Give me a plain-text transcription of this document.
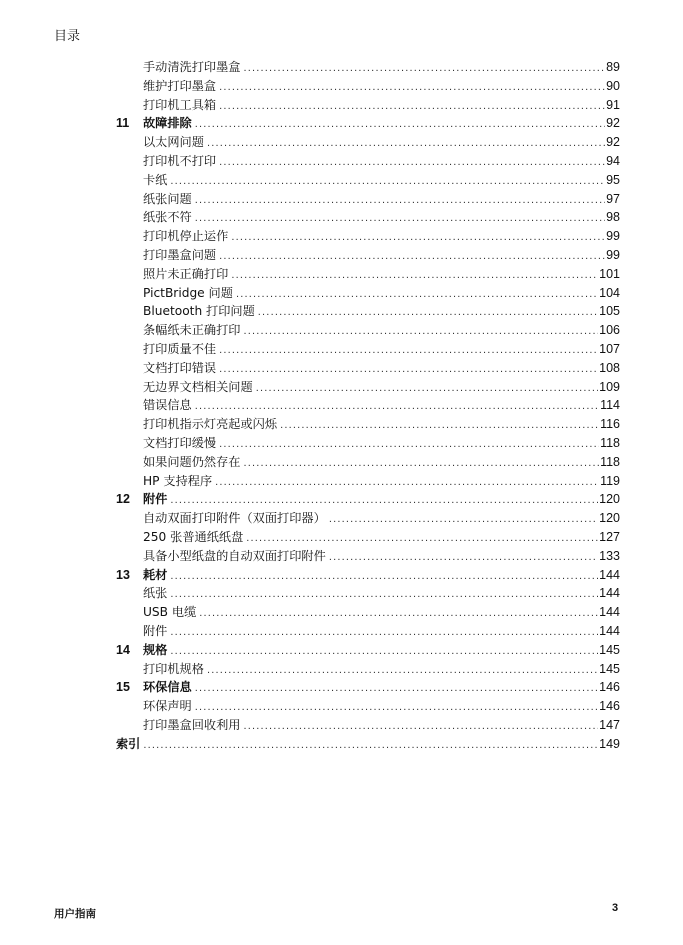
目录
手动清洗打印墨盒 .....	89
维护打印墨盒 .....	90
打印机工具箱 .....	91
11 故障排除 .....	92
以太网问题 .....	92
打印机不打印 .....	94
卡纸 .....	95
纸张问题 .....	97
纸张不符 .....	98
打印机停止运作 .....	99
打印墨盒问题 .....	99
照片未正确打印 .....	101
PictBridge 问题 .....	104
Bluetooth 打印问题 .....	105
条幅纸未正确打印 .....	106
打印质量不佳 .....	107
文档打印错误 .....	108
无边界文档相关问题 .....	109
错误信息 .....	114
打印机指示灯亮起或闪烁 .....	116
文档打印缓慢 .....	118
如果问题仍然存在 .....	118
HP 支持程序 .....	119
12 附件 .....	120
自动双面打印附件（双面打印器） .....	120
250 张普通纸纸盘 .....	127
具备小型纸盘的自动双面打印附件 .....	133
13 耗材 .....	144
纸张 .....	144
USB 电缆 .....	144
附件 .....	144
14 规格 .....	145
打印机规格 .....	145
15 环保信息 .....	146
环保声明 .....	146
打印墨盒回收利用 .....	147
索引 .....	149
用户指南	3
